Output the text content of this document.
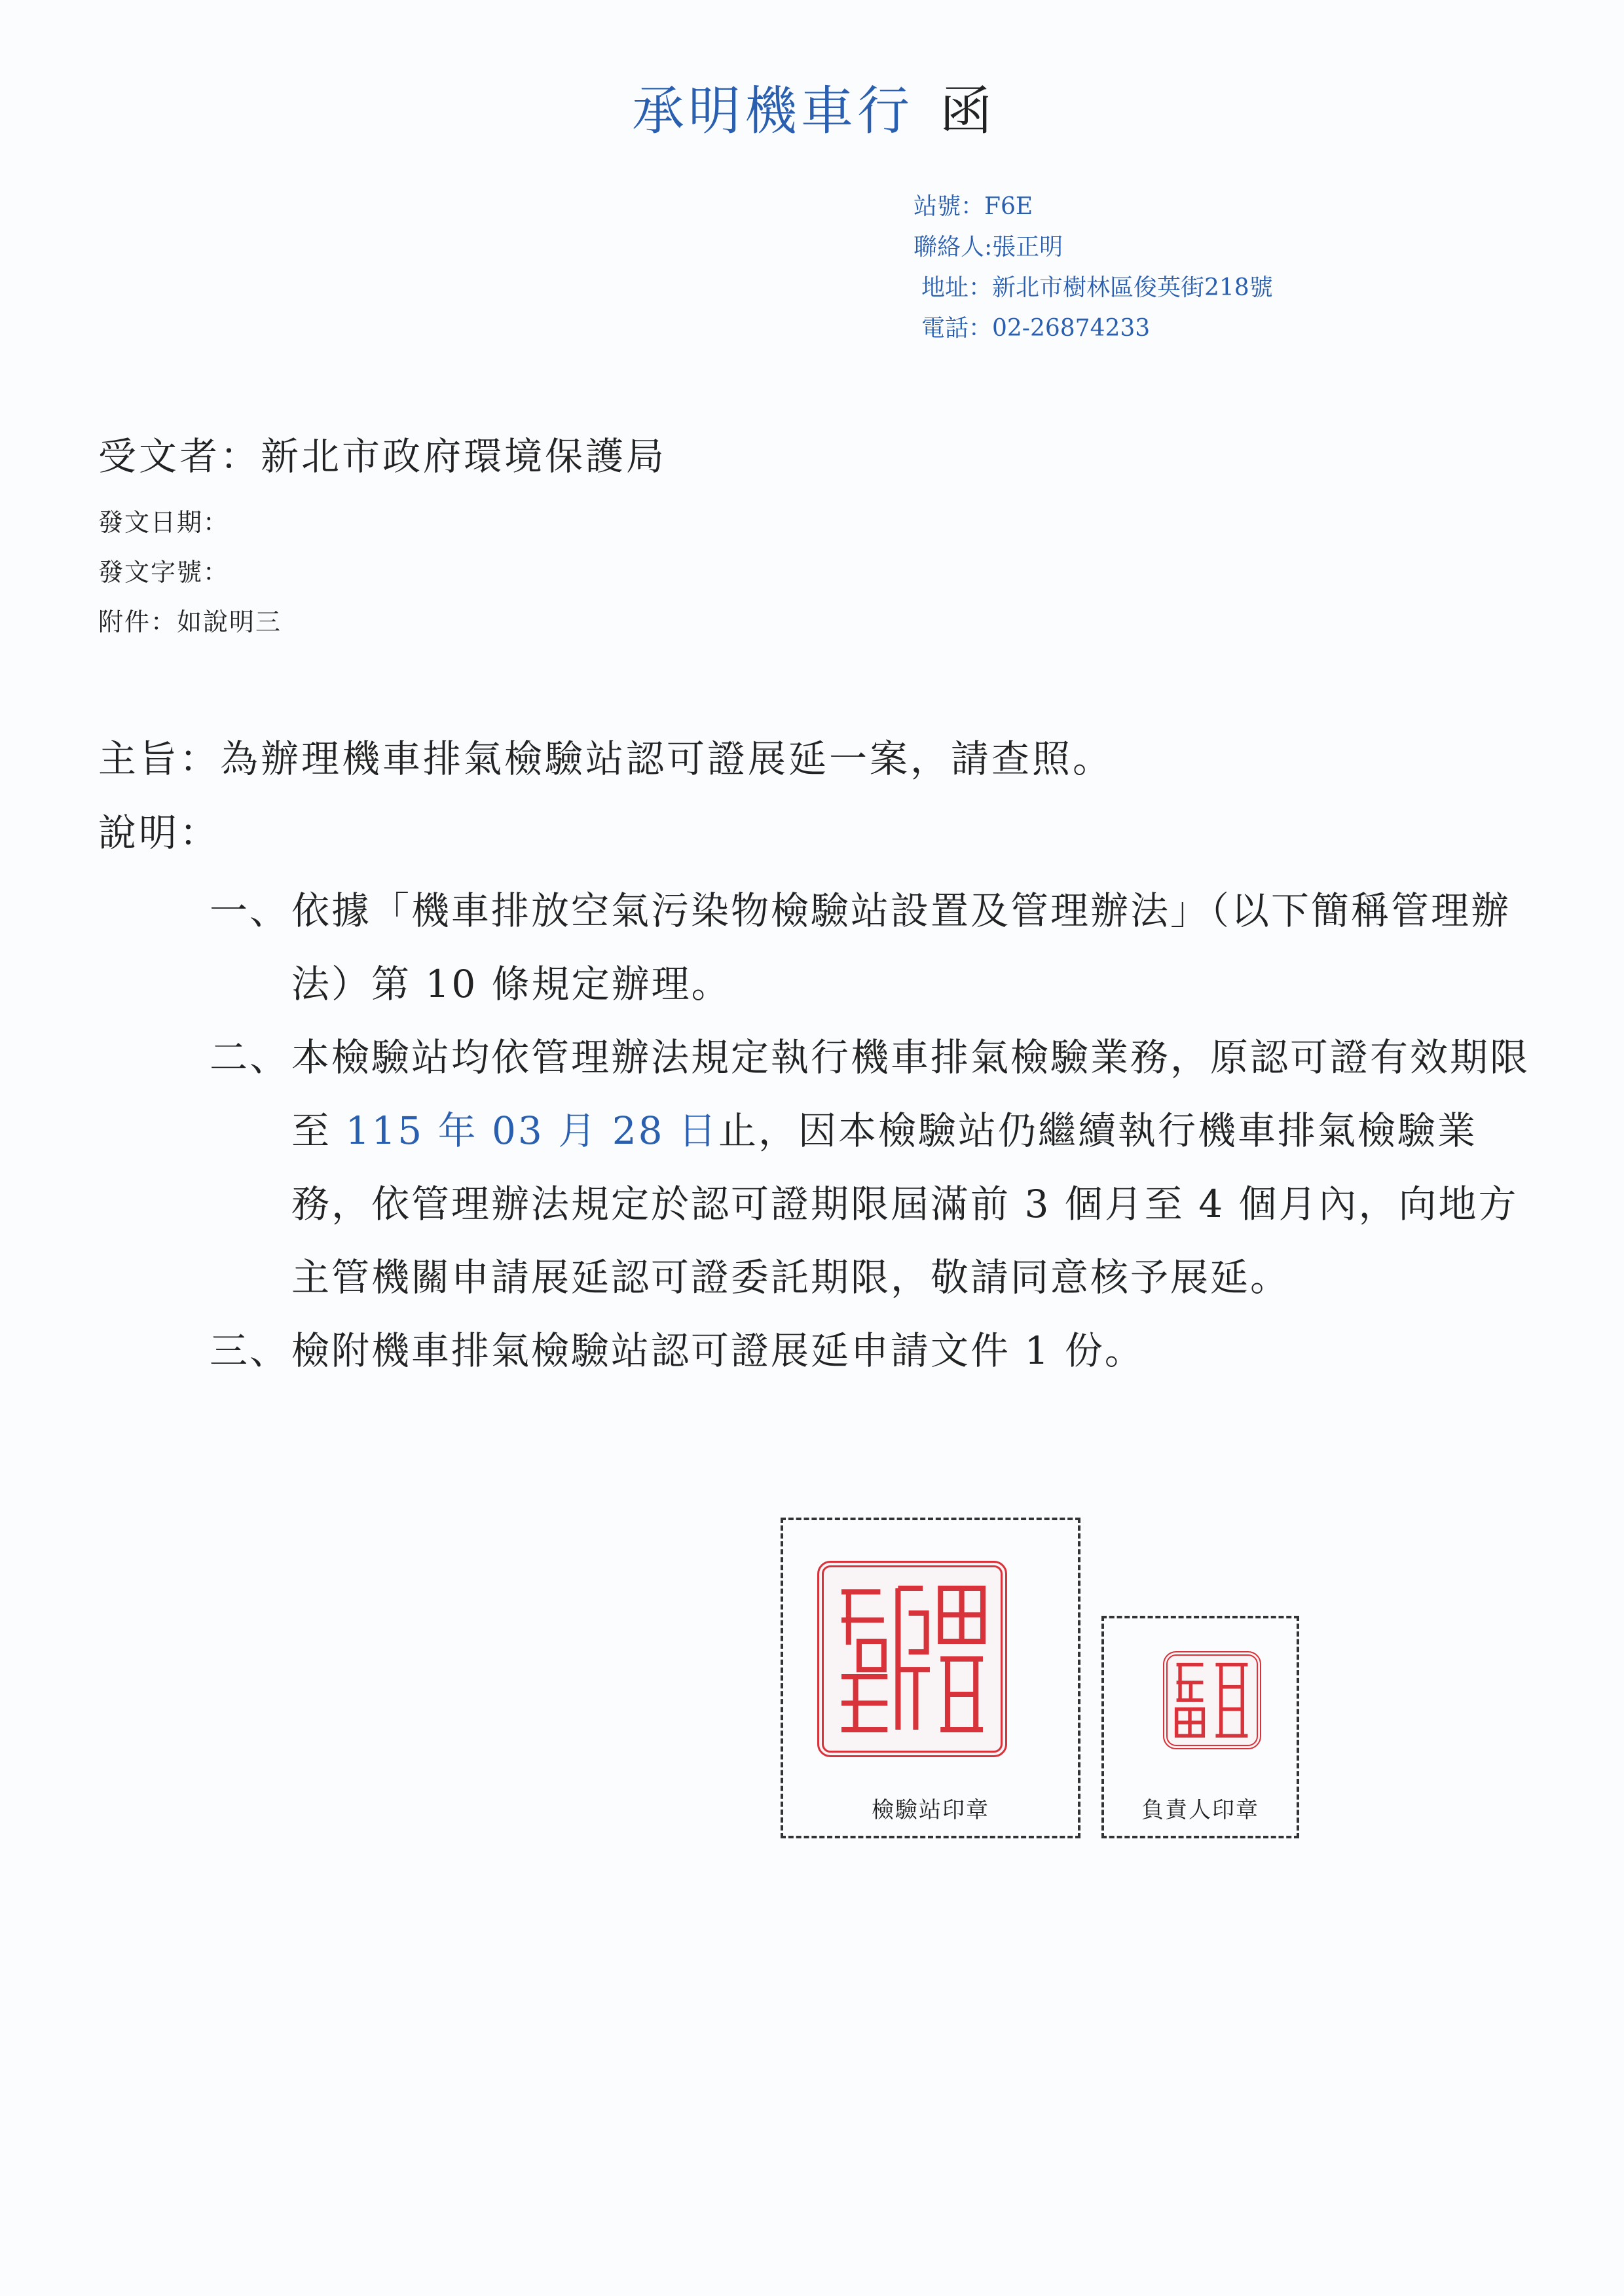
承明機車行 函
站號：F6E
聯絡人:張正明
地址：新北市樹林區俊英街218號
電話：02-26874233
受文者：新北市政府環境保護局
發文日期：
發文字號：
附件：如說明三
主旨：為辦理機車排氣檢驗站認可證展延一案，請查照。
說明：
一、 依據「機車排放空氣污染物檢驗站設置及管理辦法」（以下簡稱管理辦法）第 10 條規定辦理。
二、 本檢驗站均依管理辦法規定執行機車排氣檢驗業務，原認可證有效期限至 115 年 03 月 28 日止，因本檢驗站仍繼續執行機車排氣檢驗業務，依管理辦法規定於認可證期限屆滿前 3 個月至 4 個月內，向地方主管機關申請展延認可證委託期限，敬請同意核予展延。
三、 檢附機車排氣檢驗站認可證展延申請文件 1 份。
檢驗站印章	負責人印章
